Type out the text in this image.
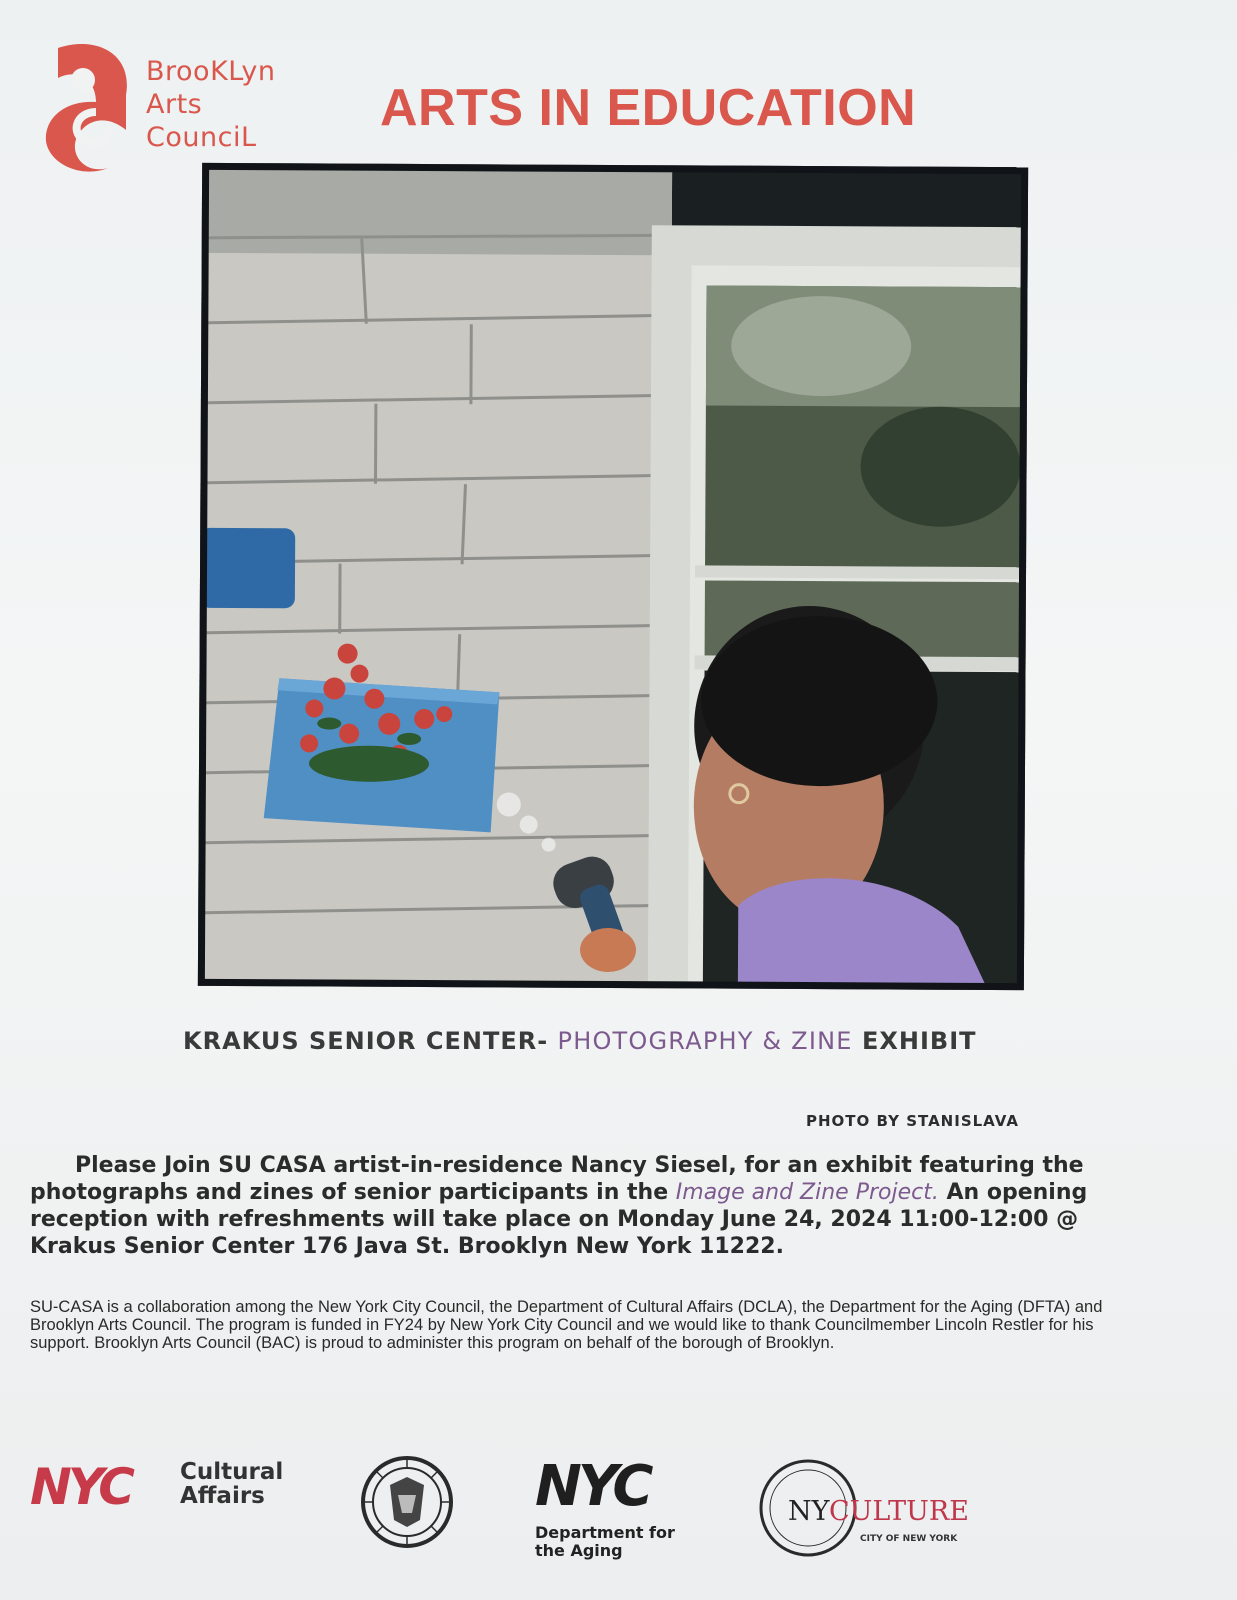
BrooKLyn
Arts
CounciL
ARTS IN EDUCATION
KRAKUS SENIOR CENTER- PHOTOGRAPHY & ZINE EXHIBIT
PHOTO BY STANISLAVA
Please Join SU CASA artist-in-residence Nancy Siesel, for an exhibit featuring the photographs and zines of senior participants in the Image and Zine Project. An opening reception with refreshments will take place on Monday June 24, 2024 11:00-12:00 @ Krakus Senior Center 176 Java St. Brooklyn New York 11222.
SU-CASA is a collaboration among the New York City Council, the Department of Cultural Affairs (DCLA), the Department for the Aging (DFTA) and Brooklyn Arts Council. The program is funded in FY24 by New York City Council and we would like to thank Councilmember Lincoln Restler for his support. Brooklyn Arts Council (BAC) is proud to administer this program on behalf of the borough of Brooklyn.
NYC Cultural
Affairs	NYC
Department for
the Aging
NYCULTURE
CITY OF NEW YORK
